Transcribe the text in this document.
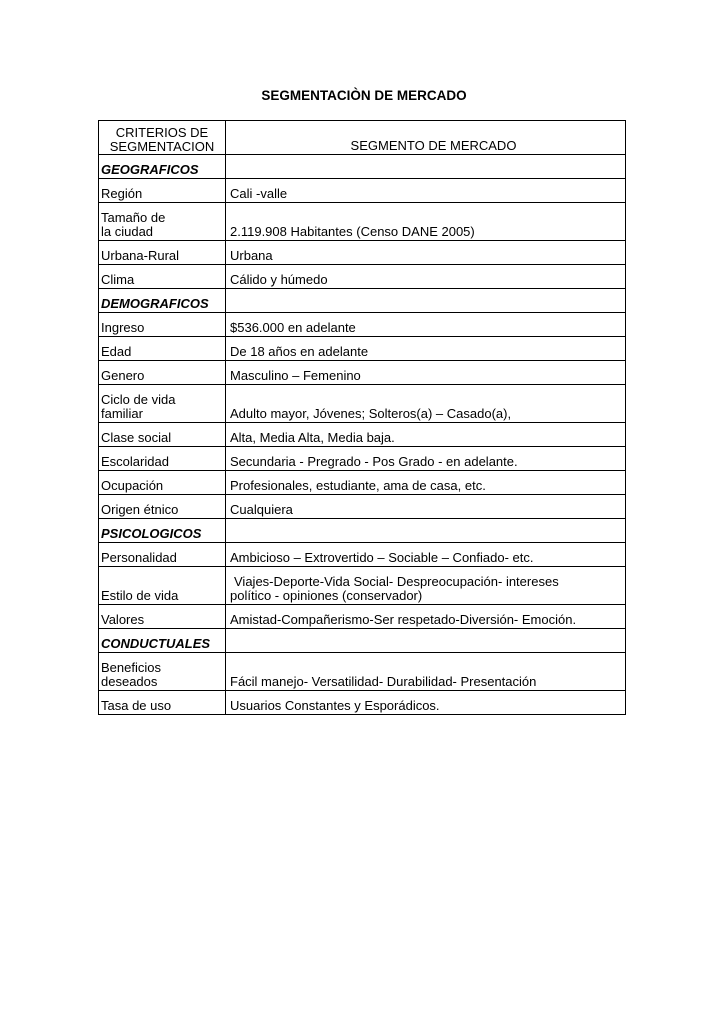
SEGMENTACIÒN DE MERCADO
CRITERIOS DE
SEGMENTACION	SEGMENTO DE MERCADO
GEOGRAFICOS	
Región	Cali -valle
Tamaño de
la ciudad	2.119.908 Habitantes (Censo DANE 2005)
Urbana-Rural	Urbana
Clima	Cálido y húmedo
DEMOGRAFICOS	
Ingreso	$536.000 en adelante
Edad	De 18 años en adelante
Genero	Masculino – Femenino
Ciclo de vida
familiar	Adulto mayor, Jóvenes; Solteros(a) – Casado(a),
Clase social	Alta, Media Alta, Media baja.
Escolaridad	Secundaria - Pregrado - Pos Grado - en adelante.
Ocupación	Profesionales, estudiante, ama de casa, etc.
Origen étnico	Cualquiera
PSICOLOGICOS	
Personalidad	Ambicioso – Extrovertido – Sociable – Confiado- etc.
Estilo de vida	Viajes-Deporte-Vida Social- Despreocupación- intereses
político - opiniones (conservador)
Valores	Amistad-Compañerismo-Ser respetado-Diversión- Emoción.
CONDUCTUALES	
Beneficios
deseados	Fácil manejo- Versatilidad- Durabilidad- Presentación
Tasa de uso	Usuarios Constantes y Esporádicos.
